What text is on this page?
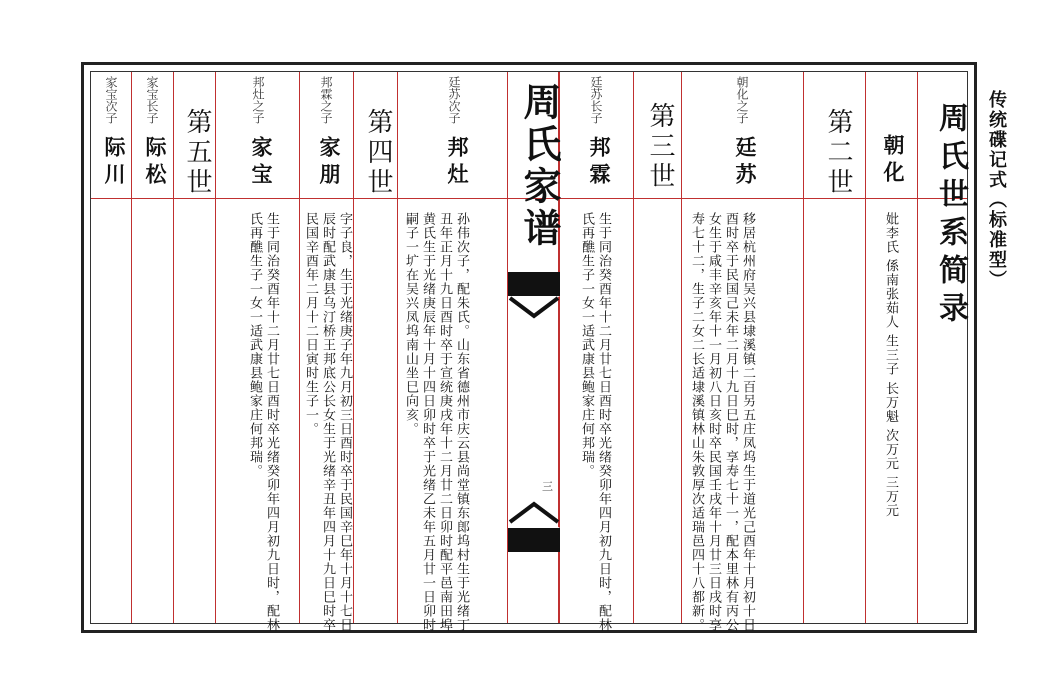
传统碟记式（标准型）
周氏世系简录
朝化
妣李氏 係南张茹人 生三子 长万魁 次万元 三万元
第二世
朝化之子
廷苏
移居杭州府吴兴县埭溪镇二百另五庄凤坞生于道光己酉年十月初十日酉时卒于民国己未年二月十九日巳时，享寿七十一，配本里林有丙公女生于咸丰辛亥年十一月初八日亥时卒民国壬戌年十月廿三日戌时享寿七十二，生子二女二长适埭溪镇林山朱敦厚次适瑞邑四十八都新。
第三世
廷苏长子
邦霖
生于同治癸酉年十二月廿七日酉时卒光绪癸卯年四月初九日时，配林氏再醮生子一女一适武康县鲍家庄何邦瑞。
周氏家谱
三
廷苏次子
邦灶
孙伟次子，配朱氏。山东省德州市庆云县尚堂镇东郎坞村生于光绪丁丑年正月十九日酉时卒于宣统庚戌年十二月廿二日卯时配平邑南田埠黄氏生于光绪庚辰年十月十四日卯时卒于光绪乙未年五月廿一日卯时嗣子一圹在吴兴凤坞南山坐巳向亥。
第四世
邦霖之子
家朋
字子良，生于光绪庚子年九月初三日酉时卒于民国辛巳年十月十七日辰时配武康县乌汀桥王邦底公长女生于光绪辛丑年四月十九日巳时卒民国辛酉年二月十二日寅时生子一。
邦灶之子
家宝
生于同治癸酉年十二月廿七日酉时卒光绪癸卯年四月初九日时，配林氏再醮生子一女一适武康县鲍家庄何邦瑞。
第五世
家宝长子
际松
家宝次子
际川
